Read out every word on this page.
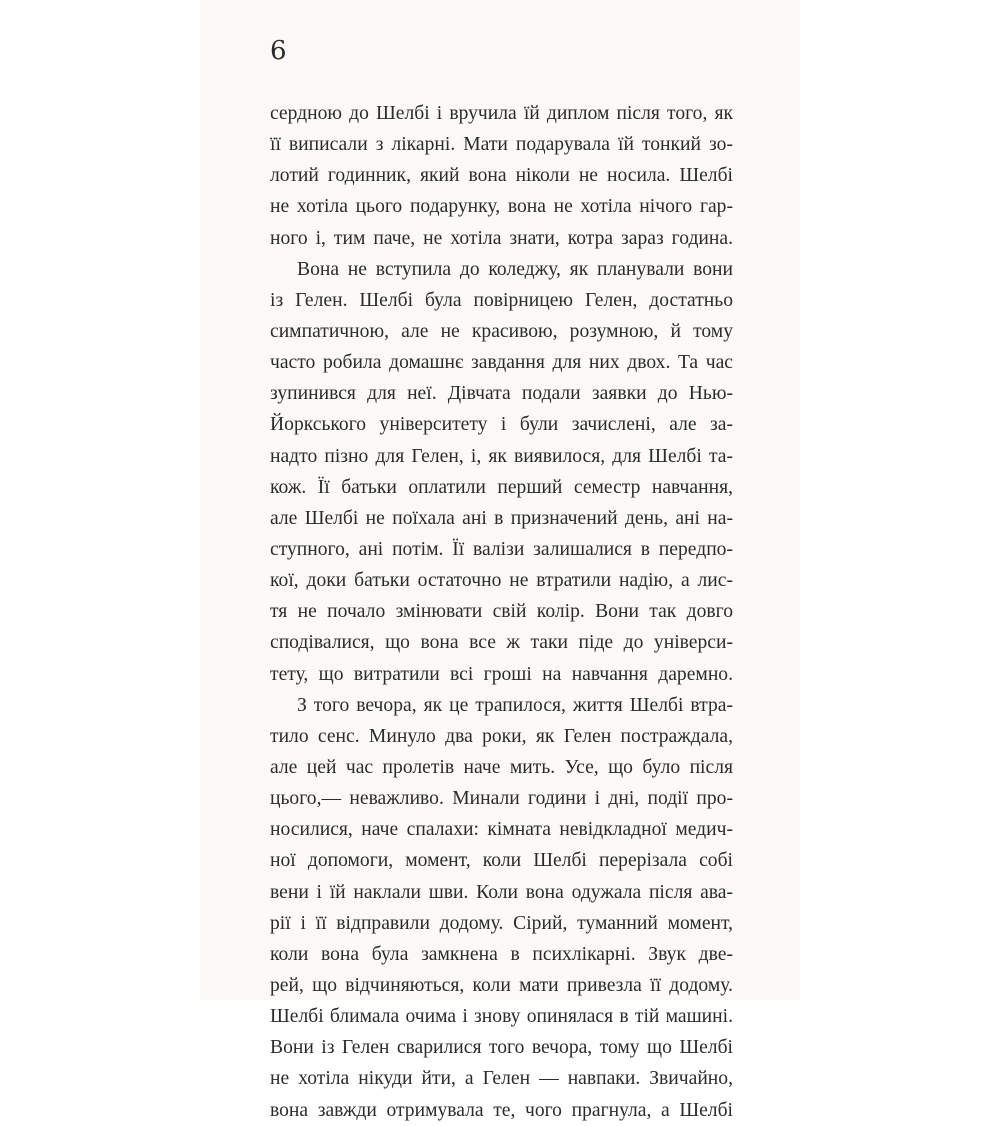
6
сердною до Шелбі і вручила їй диплом після того, як
її виписали з лікарні. Мати подарувала їй тонкий зо-
лотий годинник, який вона ніколи не носила. Шелбі
не хотіла цього подарунку, вона не хотіла нічого гар-
ного і, тим паче, не хотіла знати, котра зараз година.
Вона не вступила до коледжу, як планували вони
із Гелен. Шелбі була повірницею Гелен, достатньо
симпатичною, але не красивою, розумною, й тому
часто робила домашнє завдання для них двох. Та час
зупинився для неї. Дівчата подали заявки до Нью-
Йоркського університету і були зачислені, але за-
надто пізно для Гелен, і, як виявилося, для Шелбі та-
кож. Її батьки оплатили перший семестр навчання,
але Шелбі не поїхала ані в призначений день, ані на-
ступного, ані потім. Її валізи залишалися в передпо-
кої, доки батьки остаточно не втратили надію, а лис-
тя не почало змінювати свій колір. Вони так довго
сподівалися, що вона все ж таки піде до універси-
тету, що витратили всі гроші на навчання даремно.
З того вечора, як це трапилося, життя Шелбі втра-
тило сенс. Минуло два роки, як Гелен постраждала,
але цей час пролетів наче мить. Усе, що було після
цього,— неважливо. Минали години і дні, події про-
носилися, наче спалахи: кімната невідкладної медич-
ної допомоги, момент, коли Шелбі перерізала собі
вени і їй наклали шви. Коли вона одужала після ава-
рії і її відправили додому. Сірий, туманний момент,
коли вона була замкнена в психлікарні. Звук две-
рей, що відчиняються, коли мати привезла її додому.
Шелбі блимала очима і знову опинялася в тій машині.
Вони із Гелен сварилися того вечора, тому що Шелбі
не хотіла нікуди йти, а Гелен — навпаки. Звичайно,
вона завжди отримувала те, чого прагнула, а Шелбі
